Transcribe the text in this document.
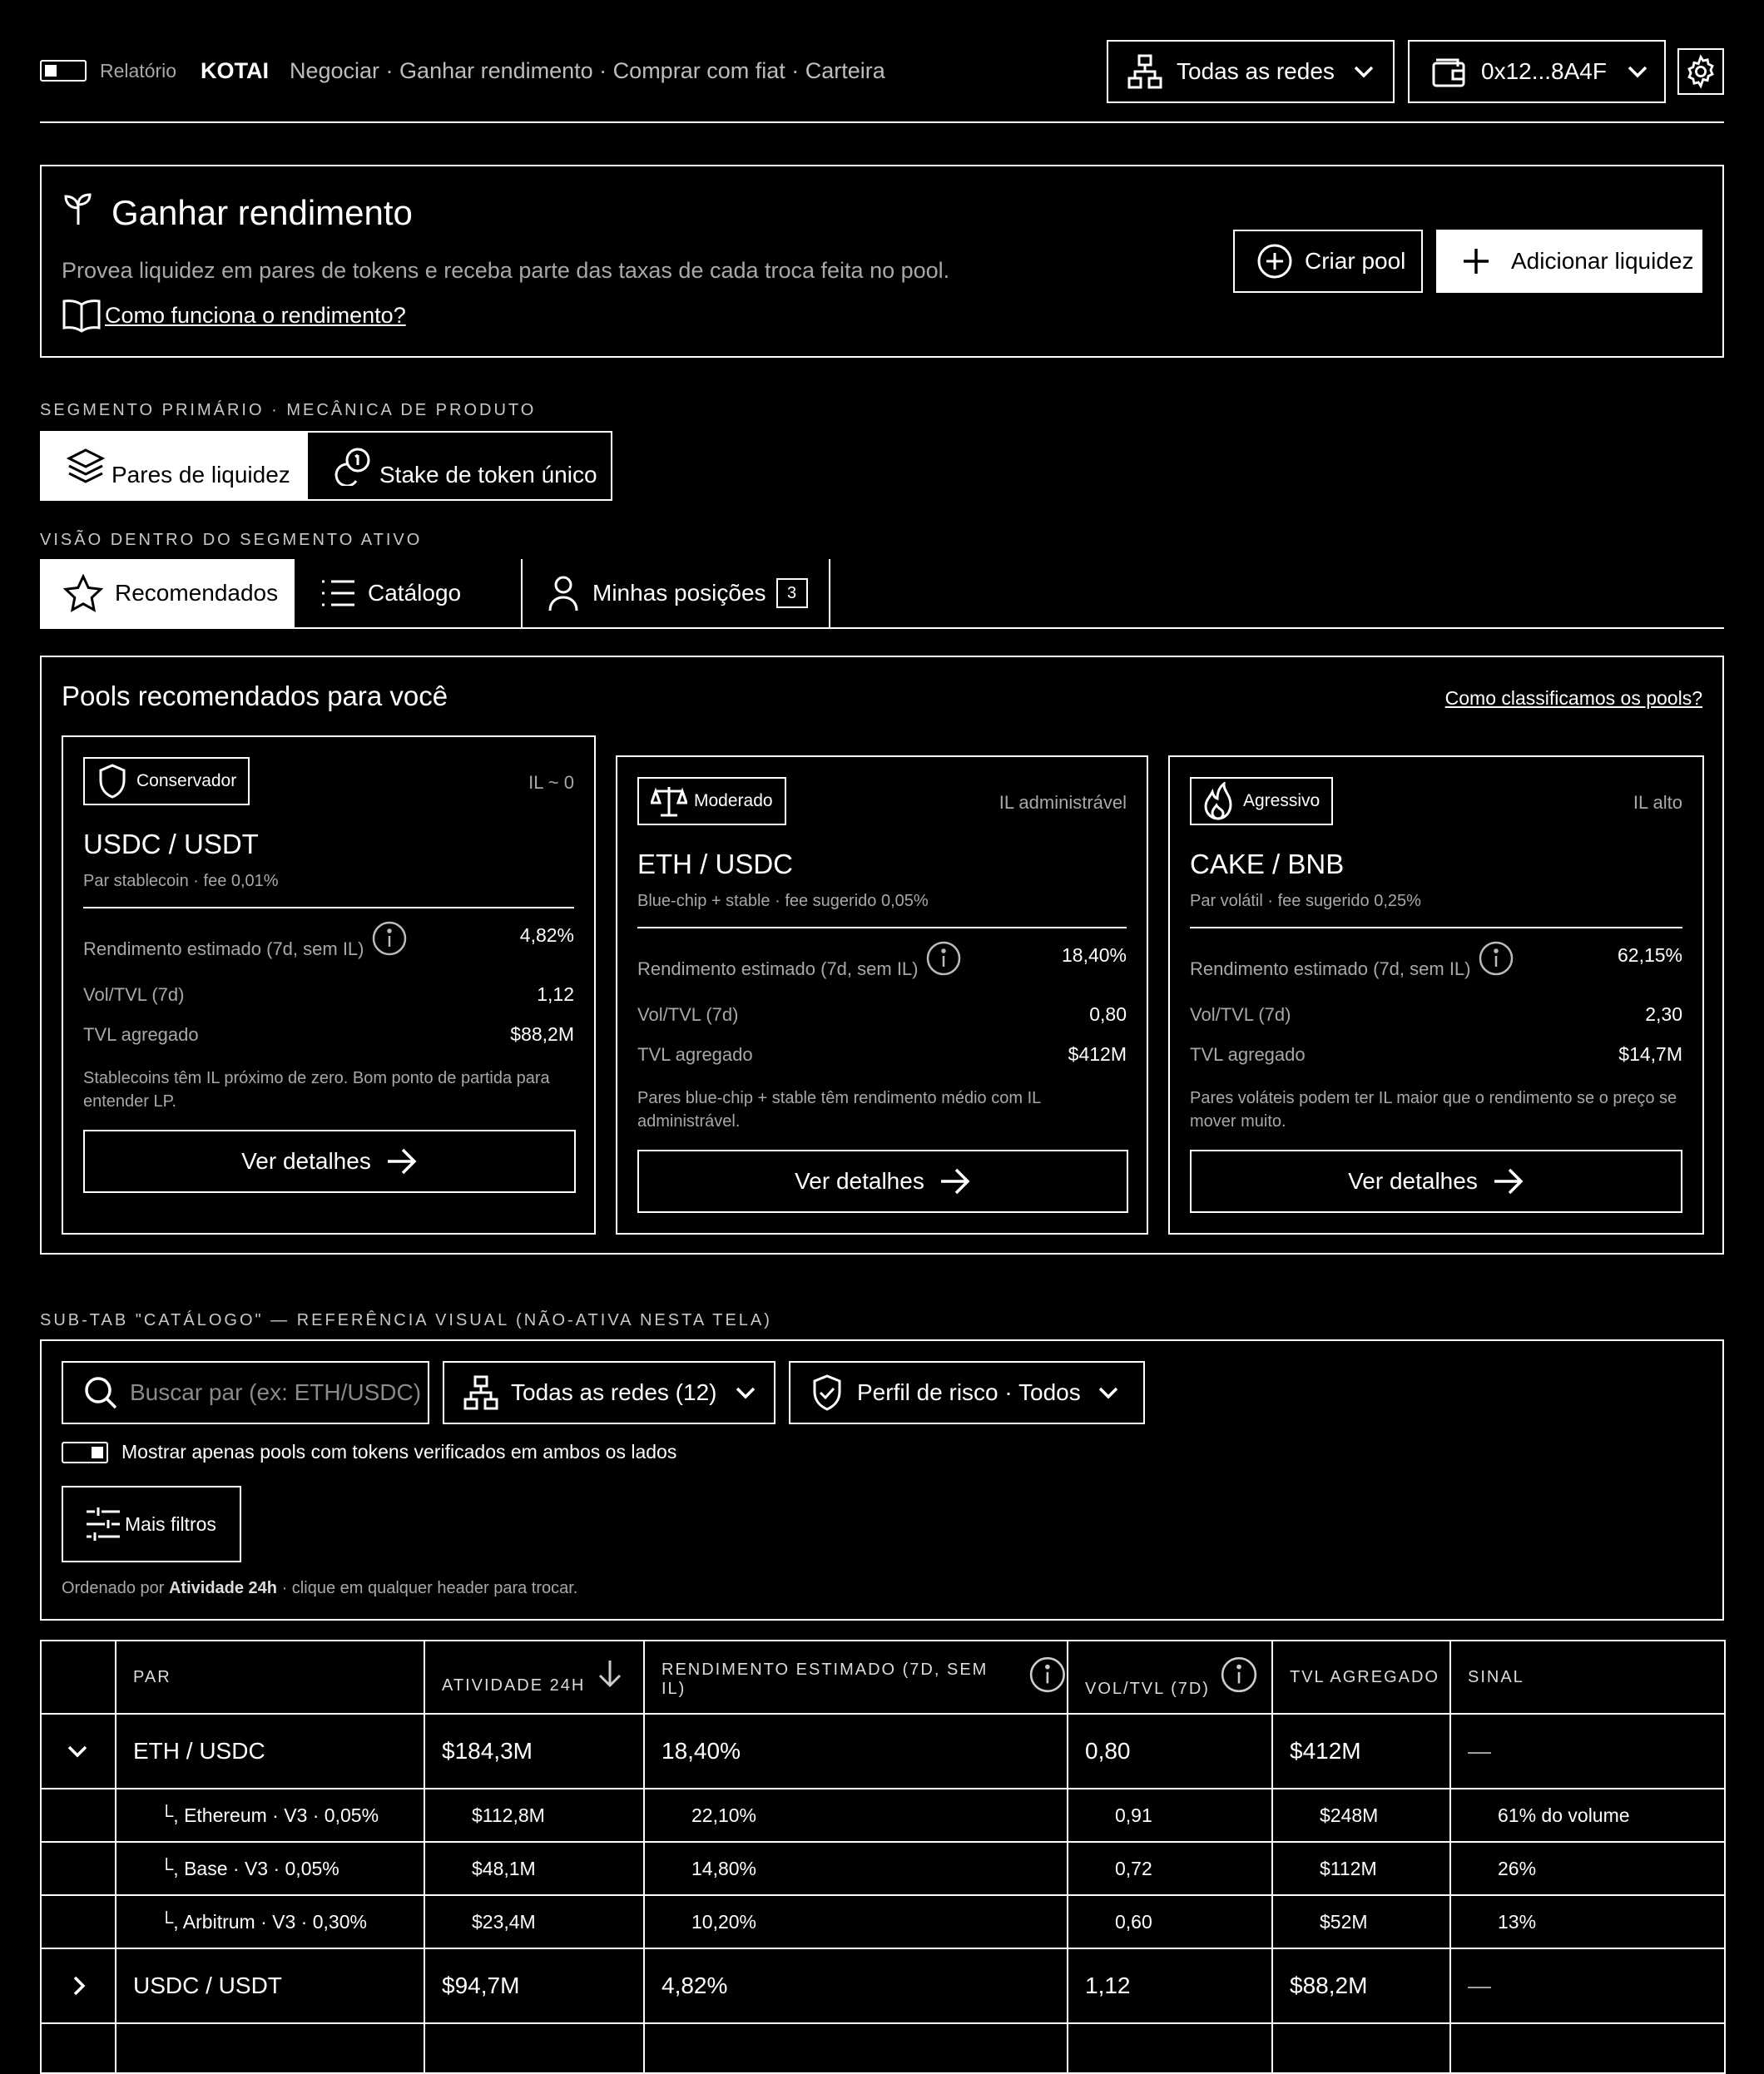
Relatório KOTAI Negociar · Ganhar rendimento · Comprar com fiat · Carteira	Todas as redes	0x12...8A4F
Ganhar rendimento
Provea liquidez em pares de tokens e receba parte das taxas de cada troca feita no pool.
Como funciona o rendimento?
Criar pool	Adicionar liquidez
SEGMENTO PRIMÁRIO · MECÂNICA DE PRODUTO
Pares de liquidez	Stake de token único
VISÃO DENTRO DO SEGMENTO ATIVO
Recomendados	Catálogo	Minhas posições	3
Pools recomendados para você	Como classificamos os pools?
Conservador	IL ~ 0
USDC / USDT
Par stablecoin · fee 0,01%
Rendimento estimado (7d, sem IL)
4,82%
Vol/TVL (7d)	1,12
TVL agregado	$88,2M
Stablecoins têm IL próximo de zero. Bom ponto de partida para entender LP.
Ver detalhes
Moderado	IL administrável
ETH / USDC
Blue-chip + stable · fee sugerido 0,05%
Rendimento estimado (7d, sem IL)
18,40%
Vol/TVL (7d)	0,80
TVL agregado	$412M
Pares blue-chip + stable têm rendimento médio com IL administrável.
Ver detalhes
Agressivo	IL alto
CAKE / BNB
Par volátil · fee sugerido 0,25%
Rendimento estimado (7d, sem IL)
62,15%
Vol/TVL (7d)	2,30
TVL agregado	$14,7M
Pares voláteis podem ter IL maior que o rendimento se o preço se mover muito.
Ver detalhes
SUB-TAB "CATÁLOGO" — REFERÊNCIA VISUAL (NÃO-ATIVA NESTA TELA)
Buscar par (ex: ETH/USDC)	Todas as redes (12)	Perfil de risco · Todos
Mostrar apenas pools com tokens verificados em ambos os lados
Mais filtros
Ordenado por Atividade 24h · clique em qualquer header para trocar.
	PAR	ATIVIDADE 24H	RENDIMENTO ESTIMADO (7D, SEM IL)	VOL/TVL (7D)	TVL AGREGADO	SINAL

	ETH / USDC	$184,3M	18,40%	0,80	$412M	—
	└, Ethereum · V3 · 0,05%	$112,8M	22,10%	0,91	$248M	61% do volume
	└, Base · V3 · 0,05%	$48,1M	14,80%	0,72	$112M	26%
	└, Arbitrum · V3 · 0,30%	$23,4M	10,20%	0,60	$52M	13%

	USDC / USDT	$94,7M	4,82%	1,12	$88,2M	—
